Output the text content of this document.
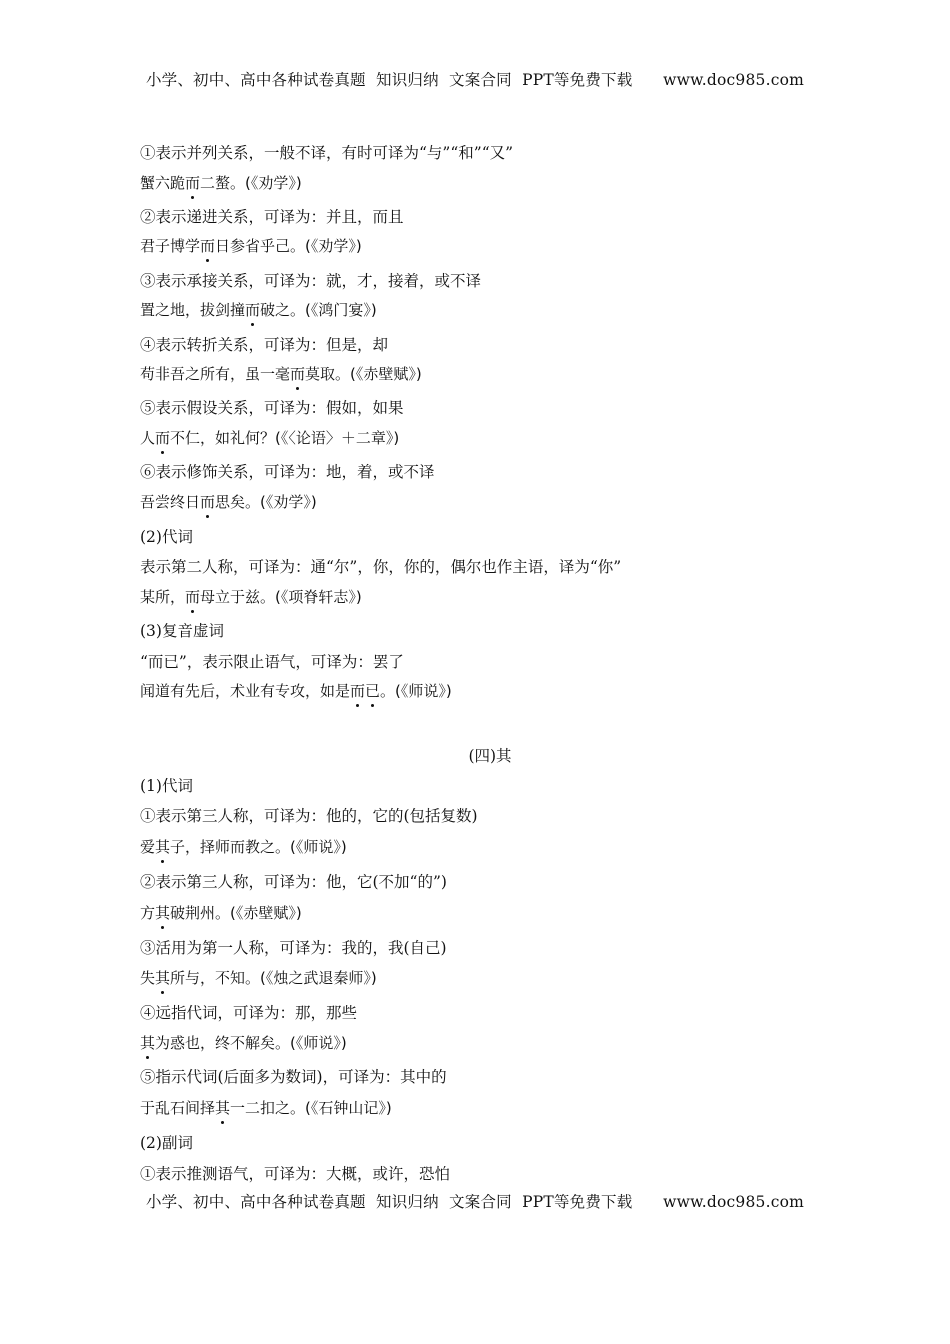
小学、初中、高中各种试卷真题  知识归纳  文案合同  PPT等免费下载      www.doc985.com
(四)其
①表示并列关系，一般不译，有时可译为“与”“和”“又”
蟹六跪而二螯。(《劝学》)
②表示递进关系，可译为：并且，而且
君子博学而日参省乎己。(《劝学》)
③表示承接关系，可译为：就，才，接着，或不译
置之地，拔剑撞而破之。(《鸿门宴》)
④表示转折关系，可译为：但是，却
苟非吾之所有，虽一毫而莫取。(《赤壁赋》)
⑤表示假设关系，可译为：假如，如果
人而不仁，如礼何？(《〈论语〉＋二章》)
⑥表示修饰关系，可译为：地，着，或不译
吾尝终日而思矣。(《劝学》)
(2)代词
表示第二人称，可译为：通“尔”，你，你的，偶尔也作主语，译为“你”
某所，而母立于兹。(《项脊轩志》)
(3)复音虚词
“而已”，表示限止语气，可译为：罢了
闻道有先后，术业有专攻，如是而已。(《师说》)
(1)代词
①表示第三人称，可译为：他的，它的(包括复数)
爱其子，择师而教之。(《师说》)
②表示第三人称，可译为：他，它(不加“的”)
方其破荆州。(《赤壁赋》)
③活用为第一人称，可译为：我的，我(自己)
失其所与，不知。(《烛之武退秦师》)
④远指代词，可译为：那，那些
其为惑也，终不解矣。(《师说》)
⑤指示代词(后面多为数词)，可译为：其中的
于乱石间择其一二扣之。(《石钟山记》)
(2)副词
①表示推测语气，可译为：大概，或许，恐怕
小学、初中、高中各种试卷真题  知识归纳  文案合同  PPT等免费下载      www.doc985.com
